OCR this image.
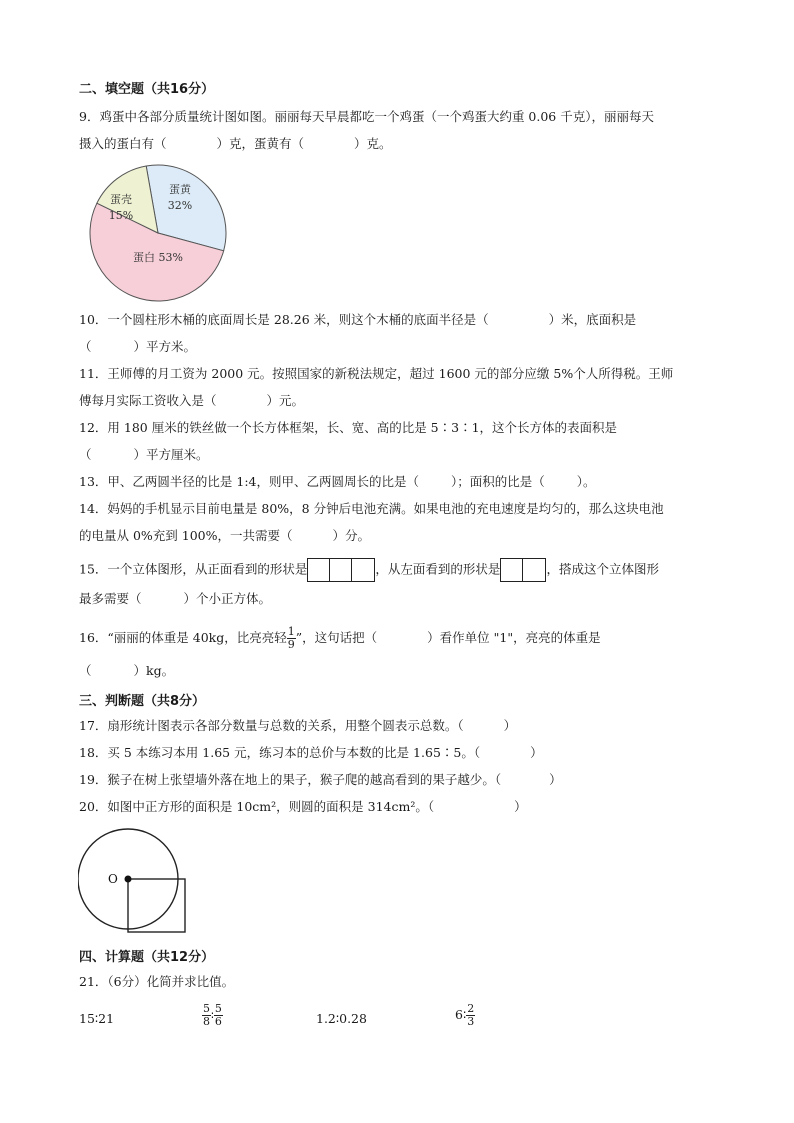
二、填空题（共16分）
9．鸡蛋中各部分质量统计图如图。丽丽每天早晨都吃一个鸡蛋（一个鸡蛋大约重 0.06 千克），丽丽每天
摄入的蛋白有（	）克，蛋黄有（	）克。
蛋黄
32%
蛋白 53%
蛋壳
15%
10．一个圆柱形木桶的底面周长是 28.26 米，则这个木桶的底面半径是（	）米，底面积是
（	）平方米。
11．王师傅的月工资为 2000 元。按照国家的新税法规定，超过 1600 元的部分应缴 5%个人所得税。王师
傅每月实际工资收入是（	）元。
12．用 180 厘米的铁丝做一个长方体框架，长、宽、高的比是 5∶3∶1，这个长方体的表面积是
（	）平方厘米。
13．甲、乙两圆半径的比是 1:4，则甲、乙两圆周长的比是（	）；面积的比是（	）。
14．妈妈的手机显示目前电量是 80%，8 分钟后电池充满。如果电池的充电速度是均匀的，那么这块电池
的电量从 0%充到 100%，一共需要（	）分。
15．一个立体图形，从正面看到的形状是	，从左面看到的形状是	，搭成这个立体图形
最多需要（	）个小正方体。
16．“丽丽的体重是 40kg，比亮亮轻 $\frac{1}{9}$ ”，这句话把（	）看作单位 "1"，亮亮的体重是
（	）kg。
三、判断题（共8分）
17．扇形统计图表示各部分数量与总数的关系，用整个圆表示总数。（	）
18．买 5 本练习本用 1.65 元，练习本的总价与本数的比是 1.65∶5。（	）
19．猴子在树上张望墙外落在地上的果子，猴子爬的越高看到的果子越少。（	）
20．如图中正方形的面积是 10cm²，则圆的面积是 314cm²。（	）
O
四、计算题（共12分）
21．（6分）化简并求比值。
15∶21	$\frac{5}{8}$ ∶ $\frac{5}{6}$	1.2∶0.28	6∶ $\frac{2}{3}$
